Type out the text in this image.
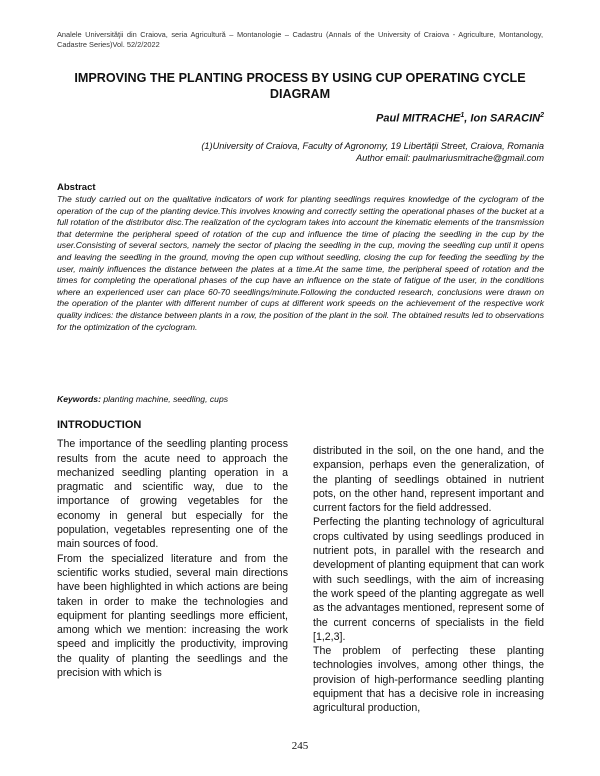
Analele Universităţii din Craiova, seria Agricultură – Montanologie – Cadastru (Annals of the University of Craiova - Agriculture, Montanology, Cadastre Series)Vol. 52/2/2022
IMPROVING THE PLANTING PROCESS BY USING CUP OPERATING CYCLE DIAGRAM
Paul MITRACHE$^1$, Ion SARACIN$^2$
(1)University of Craiova, Faculty of Agronomy, 19 Libertății Street, Craiova, Romania
Author email: paulmariusmitrache@gmail.com
Abstract

The study carried out on the qualitative indicators of work for planting seedlings requires knowledge of the cyclogram of the operation of the cup of the planting device.This involves knowing and correctly setting the operational phases of the bucket at a full rotation of the distributor disc.The realization of the cyclogram takes into account the kinematic elements of the transmission that determine the peripheral speed of rotation of the cup and influence the time of placing the seedling in the cup by the user.Consisting of several sectors, namely the sector of placing the seedling in the cup, moving the seedling cup until it opens and leaving the seedling in the ground, moving the open cup without seedling, closing the cup for feeding the seedling by the user, mainly influences the distance between the plates at a time.At the same time, the peripheral speed of rotation and the times for completing the operational phases of the cup have an influence on the state of fatigue of the user, in the conditions where an experienced user can place 60-70 seedlings/minute.Following the conducted research, conclusions were drawn on the operation of the planter with different number of cups at different work speeds on the achievement of the respective work quality indices: the distance between plants in a row, the position of the plant in the soil. The obtained results led to observations for the optimization of the cyclogram.

Keywords: planting machine, seedling, cups
INTRODUCTION

The importance of the seedling planting process results from the acute need to approach the mechanized seedling planting operation in a pragmatic and scientific way, due to the importance of growing vegetables for the economy in general but especially for the population, vegetables representing one of the main sources of food.

From the specialized literature and from the scientific works studied, several main directions have been highlighted in which actions are being taken in order to make the technologies and equipment for planting seedlings more efficient, among which we mention: increasing the work speed and implicitly the productivity, improving the quality of planting the seedlings and the precision with which is

distributed in the soil, on the one hand, and the expansion, perhaps even the generalization, of the planting of seedlings obtained in nutrient pots, on the other hand, represent important and current factors for the field addressed.

Perfecting the planting technology of agricultural crops cultivated by using seedlings produced in nutrient pots, in parallel with the research and development of planting equipment that can work with such seedlings, with the aim of increasing the work speed of the planting aggregate as well as the advantages mentioned, represent some of the current concerns of specialists in the field [1,2,3].

The problem of perfecting these planting technologies involves, among other things, the provision of high-performance seedling planting equipment that has a decisive role in increasing agricultural production,

245
